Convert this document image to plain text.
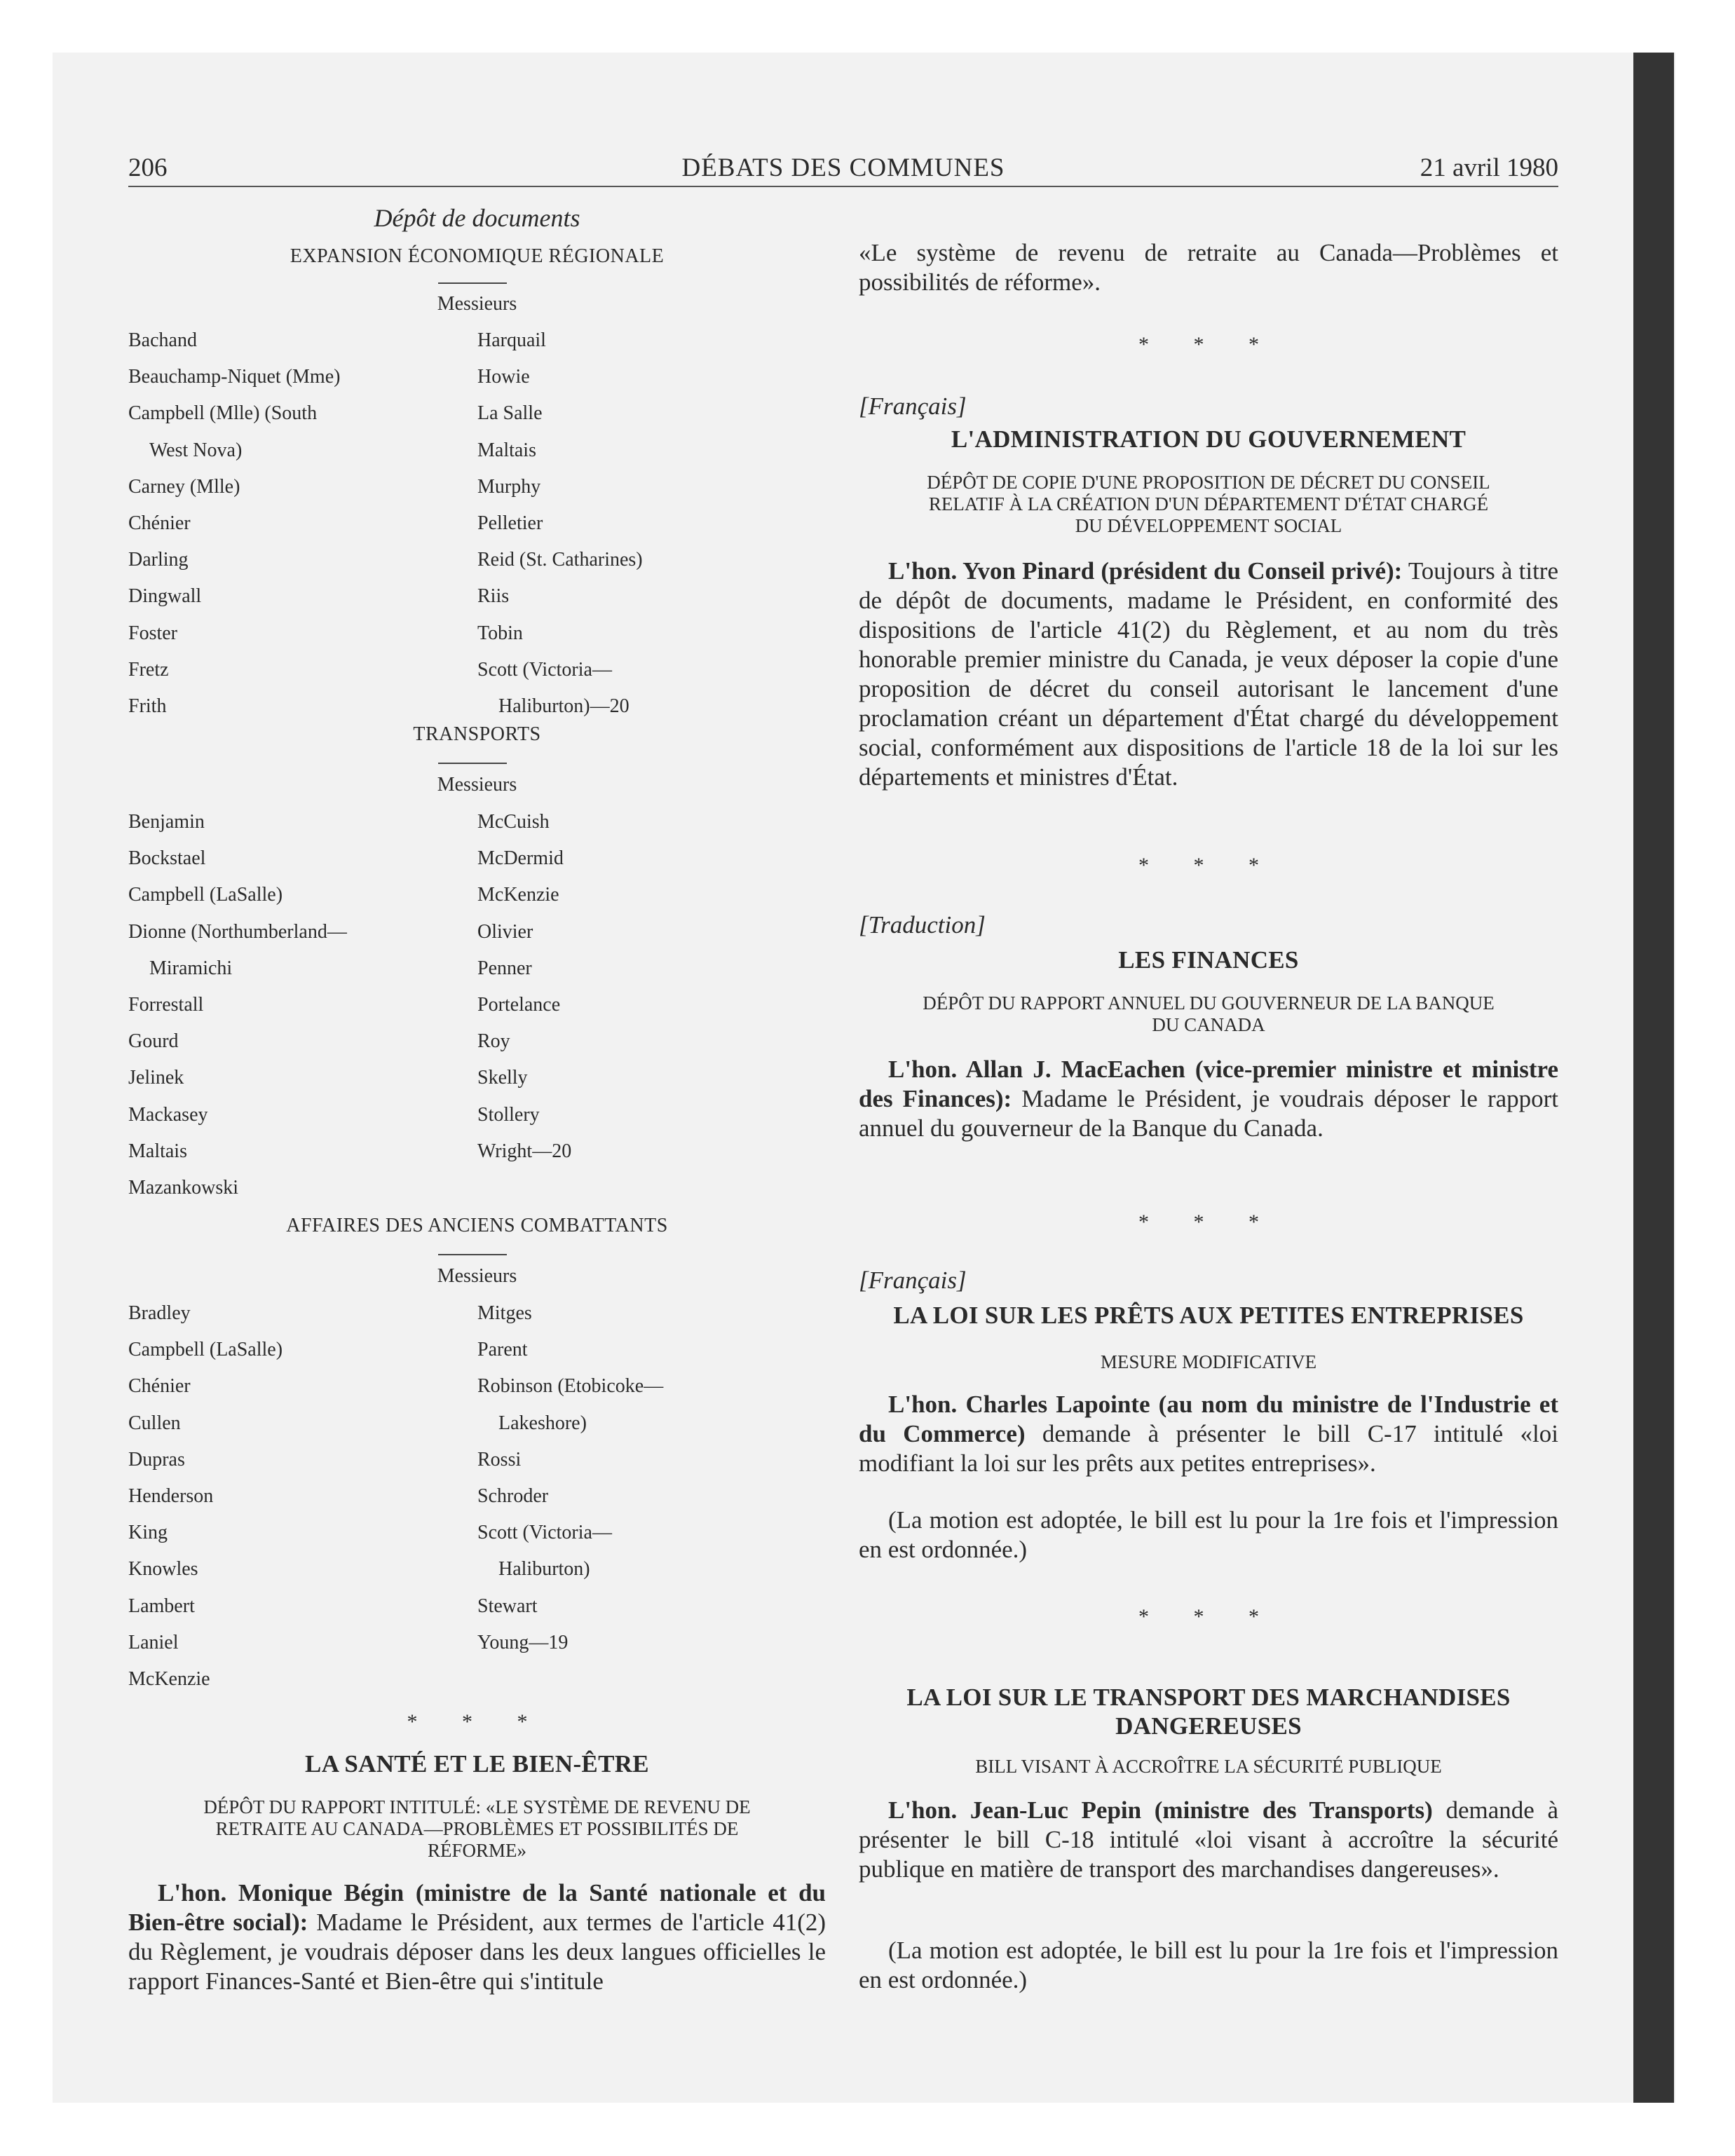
206	DÉBATS DES COMMUNES	21 avril 1980
Dépôt de documents
EXPANSION ÉCONOMIQUE RÉGIONALE
Messieurs
Bachand
Beauchamp-Niquet (Mme)
Campbell (Mlle) (South
West Nova)
Carney (Mlle)
Chénier
Darling
Dingwall
Foster
Fretz
Frith
Harquail
Howie
La Salle
Maltais
Murphy
Pelletier
Reid (St. Catharines)
Riis
Tobin
Scott (Victoria—
Haliburton)—20
TRANSPORTS
Messieurs
Benjamin
Bockstael
Campbell (LaSalle)
Dionne (Northumberland—
Miramichi
Forrestall
Gourd
Jelinek
Mackasey
Maltais
Mazankowski
McCuish
McDermid
McKenzie
Olivier
Penner
Portelance
Roy
Skelly
Stollery
Wright—20
AFFAIRES DES ANCIENS COMBATTANTS
Messieurs
Bradley
Campbell (LaSalle)
Chénier
Cullen
Dupras
Henderson
King
Knowles
Lambert
Laniel
McKenzie
Mitges
Parent
Robinson (Etobicoke—
Lakeshore)
Rossi
Schroder
Scott (Victoria—
Haliburton)
Stewart
Young—19
* * *
LA SANTÉ ET LE BIEN-ÊTRE
DÉPÔT DU RAPPORT INTITULÉ: «LE SYSTÈME DE REVENU DE
RETRAITE AU CANADA—PROBLÈMES ET POSSIBILITÉS DE
RÉFORME»
L'hon. Monique Bégin (ministre de la Santé nationale et du Bien-être social): Madame le Président, aux termes de l'article 41(2) du Règlement, je voudrais déposer dans les deux langues officielles le rapport Finances-Santé et Bien-être qui s'intitule
«Le système de revenu de retraite au Canada—Problèmes et possibilités de réforme».
* * *
[Français]
L'ADMINISTRATION DU GOUVERNEMENT
DÉPÔT DE COPIE D'UNE PROPOSITION DE DÉCRET DU CONSEIL
RELATIF À LA CRÉATION D'UN DÉPARTEMENT D'ÉTAT CHARGÉ
DU DÉVELOPPEMENT SOCIAL
L'hon. Yvon Pinard (président du Conseil privé): Toujours à titre de dépôt de documents, madame le Président, en conformité des dispositions de l'article 41(2) du Règlement, et au nom du très honorable premier ministre du Canada, je veux déposer la copie d'une proposition de décret du conseil autorisant le lancement d'une proclamation créant un département d'État chargé du développement social, conformément aux dispositions de l'article 18 de la loi sur les départements et ministres d'État.
* * *
[Traduction]
LES FINANCES
DÉPÔT DU RAPPORT ANNUEL DU GOUVERNEUR DE LA BANQUE
DU CANADA
L'hon. Allan J. MacEachen (vice-premier ministre et ministre des Finances): Madame le Président, je voudrais déposer le rapport annuel du gouverneur de la Banque du Canada.
* * *
[Français]
LA LOI SUR LES PRÊTS AUX PETITES ENTREPRISES
MESURE MODIFICATIVE
L'hon. Charles Lapointe (au nom du ministre de l'Industrie et du Commerce) demande à présenter le bill C-17 intitulé «loi modifiant la loi sur les prêts aux petites entreprises».
(La motion est adoptée, le bill est lu pour la 1re fois et l'impression en est ordonnée.)
* * *
LA LOI SUR LE TRANSPORT DES MARCHANDISES
DANGEREUSES
BILL VISANT À ACCROÎTRE LA SÉCURITÉ PUBLIQUE
L'hon. Jean-Luc Pepin (ministre des Transports) demande à présenter le bill C-18 intitulé «loi visant à accroître la sécurité publique en matière de transport des marchandises dangereuses».
(La motion est adoptée, le bill est lu pour la 1re fois et l'impression en est ordonnée.)
